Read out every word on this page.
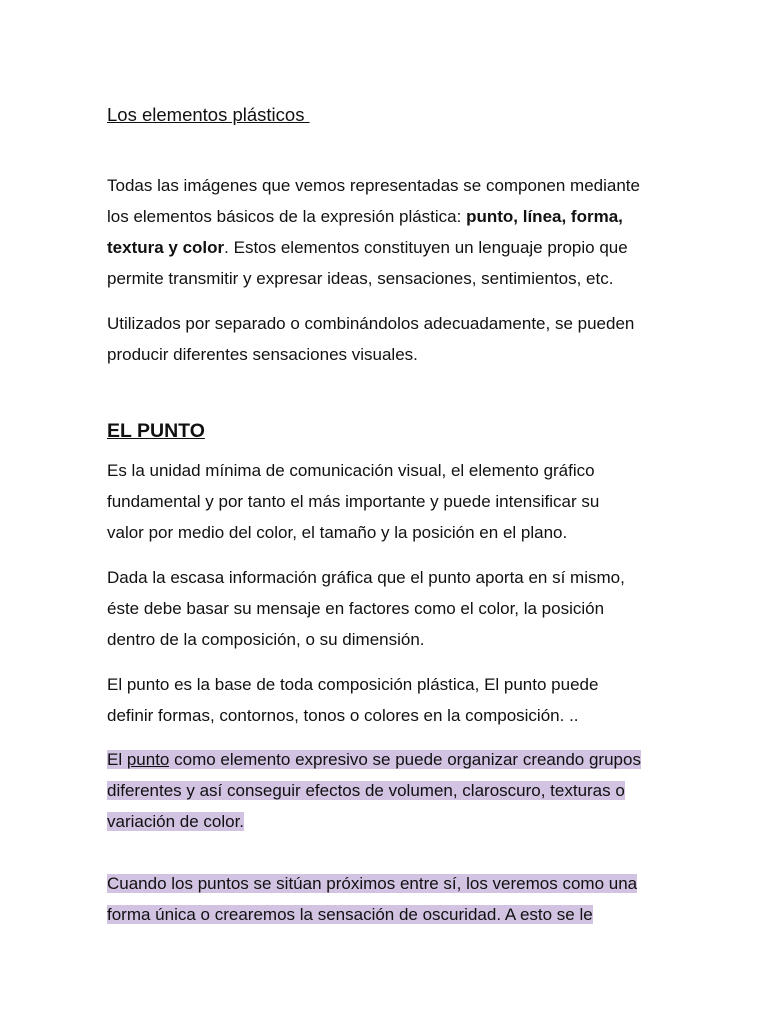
Los elementos plásticos

Todas las imágenes que vemos representadas se componen mediante

los elementos básicos de la expresión plástica: punto, línea, forma,

textura y color. Estos elementos constituyen un lenguaje propio que

permite transmitir y expresar ideas, sensaciones, sentimientos, etc.

Utilizados por separado o combinándolos adecuadamente, se pueden

producir diferentes sensaciones visuales.

EL PUNTO

Es la unidad mínima de comunicación visual, el elemento gráfico

fundamental y por tanto el más importante y puede intensificar su

valor por medio del color, el tamaño y la posición en el plano.

Dada la escasa información gráfica que el punto aporta en sí mismo,

éste debe basar su mensaje en factores como el color, la posición

dentro de la composición, o su dimensión.

El punto es la base de toda composición plástica, El punto puede

definir formas, contornos, tonos o colores en la composición. ..

El punto como elemento expresivo se puede organizar creando grupos

diferentes y así conseguir efectos de volumen, claroscuro, texturas o

variación de color.

Cuando los puntos se sitúan próximos entre sí, los veremos como una

forma única o crearemos la sensación de oscuridad. A esto se le
